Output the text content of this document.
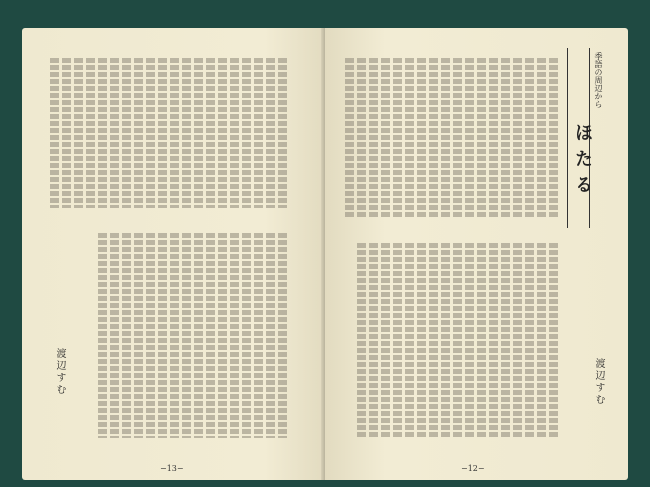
渡辺すむ
−13−
季語の周辺から
ほたる
渡辺すむ
−12−
